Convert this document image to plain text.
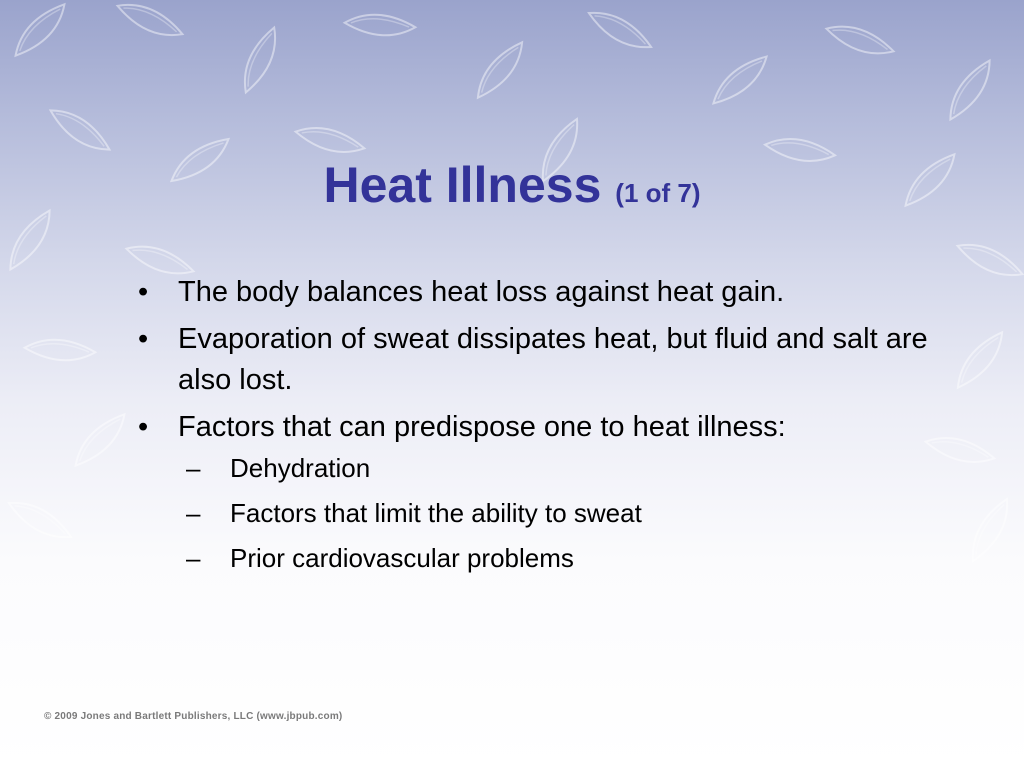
Heat Illness (1 of 7)
• The body balances heat loss against heat gain.
• Evaporation of sweat dissipates heat, but fluid and salt are also lost.
• Factors that can predispose one to heat illness:
– Dehydration
– Factors that limit the ability to sweat
– Prior cardiovascular problems
© 2009 Jones and Bartlett Publishers, LLC (www.jbpub.com)
